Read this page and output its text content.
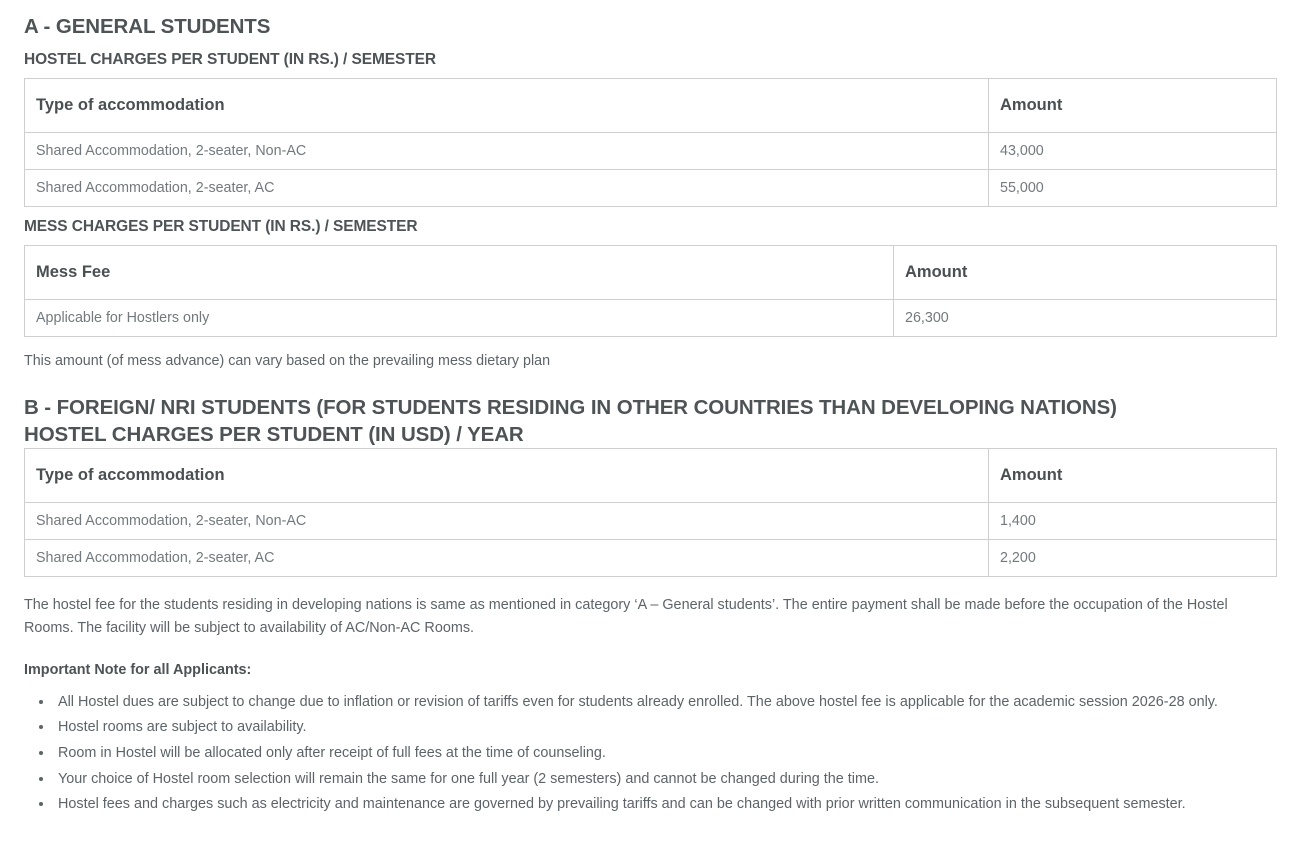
A - GENERAL STUDENTS
HOSTEL CHARGES PER STUDENT (IN RS.) / SEMESTER
Type of accommodation	Amount
Shared Accommodation, 2-seater, Non-AC	43,000
Shared Accommodation, 2-seater, AC	55,000
MESS CHARGES PER STUDENT (IN RS.) / SEMESTER
Mess Fee	Amount
Applicable for Hostlers only	26,300

This amount (of mess advance) can vary based on the prevailing mess dietary plan

B - FOREIGN/ NRI STUDENTS (FOR STUDENTS RESIDING IN OTHER COUNTRIES THAN DEVELOPING NATIONS)
HOSTEL CHARGES PER STUDENT (IN USD) / YEAR
Type of accommodation	Amount
Shared Accommodation, 2-seater, Non-AC	1,400
Shared Accommodation, 2-seater, AC	2,200

The hostel fee for the students residing in developing nations is same as mentioned in category ‘A – General students’. The entire payment shall be made before the occupation of the Hostel Rooms. The facility will be subject to availability of AC/Non-AC Rooms.

Important Note for all Applicants:

• All Hostel dues are subject to change due to inflation or revision of tariffs even for students already enrolled. The above hostel fee is applicable for the academic session 2026-28 only.
• Hostel rooms are subject to availability.
• Room in Hostel will be allocated only after receipt of full fees at the time of counseling.
• Your choice of Hostel room selection will remain the same for one full year (2 semesters) and cannot be changed during the time.
• Hostel fees and charges such as electricity and maintenance are governed by prevailing tariffs and can be changed with prior written communication in the subsequent semester.
